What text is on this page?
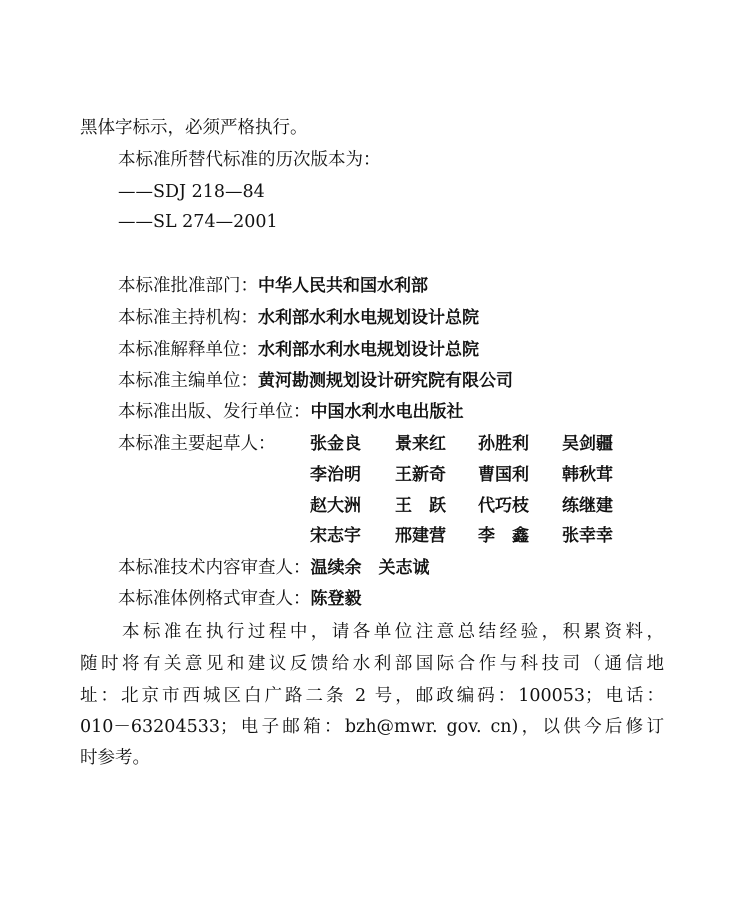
黑体字标示，必须严格执行。
本标准所替代标准的历次版本为：
——SDJ 218—84
——SL 274—2001
本标准批准部门：中华人民共和国水利部
本标准主持机构：水利部水利水电规划设计总院
本标准解释单位：水利部水利水电规划设计总院
本标准主编单位：黄河勘测规划设计研究院有限公司
本标准出版、发行单位：中国水利水电出版社
本标准主要起草人： 张金良 景来红 孙胜利 吴剑疆
李治明 王新奇 曹国利 韩秋茸
赵大洲 王　跃 代巧枝 练继建
宋志宇 邢建营 李　鑫 张幸幸
本标准技术内容审查人：温续余　关志诚
本标准体例格式审查人：陈登毅
　　本标准在执行过程中，请各单位注意总结经验，积累资料，
随时将有关意见和建议反馈给水利部国际合作与科技司（通信地
址：北京市西城区白广路二条 2 号，邮政编码：100053；电话：
010－63204533；电子邮箱：bzh@mwr. gov. cn)，以供今后修订
时参考。
